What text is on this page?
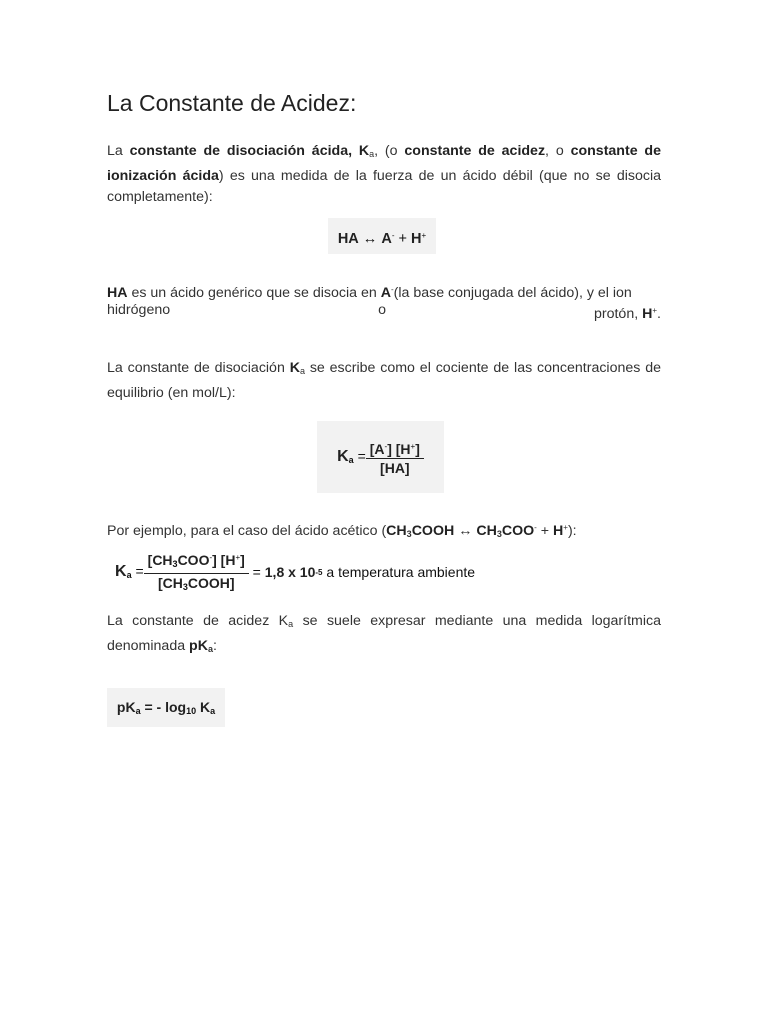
La Constante de Acidez:

La constante de disociación ácida, $K_a$, (o constante de acidez, o constante de ionización ácida) es una medida de la fuerza de un ácido débil (que no se disocia completamente):

HA ↔ A- + H+

HA es un ácido genérico que se disocia en A-(la base conjugada del ácido), y el ion

hidrógeno	o	protón, H+.

La constante de disociación $K_a$ se escribe como el cociente de las concentraciones de equilibrio (en mol/L):

$K_a = \frac{[A^-] [H^+]}{[HA]}$

Por ejemplo, para el caso del ácido acético ($CH_3COOH$ ↔ $CH_3COO^- + H^+$):

$K_a = \frac{[CH_3COO^-] [H^+]}{[CH_3COOH]} = 1,8$ x 10 -5 a temperatura ambiente

La constante de acidez $K_a$ se suele expresar mediante una medida logarítmica denominada $pK_a$:

$pK_a$ = - $\log_{10} K_a$
